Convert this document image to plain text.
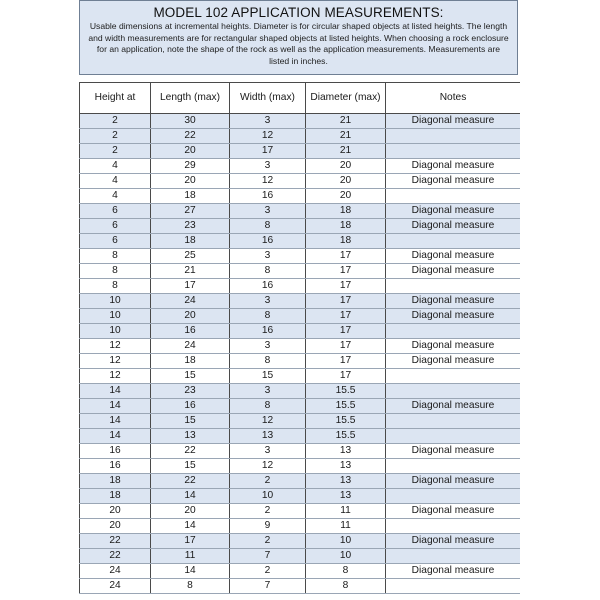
MODEL 102 APPLICATION MEASUREMENTS:
Usable dimensions at incremental heights. Diameter is for circular shaped objects at listed heights. The length and width measurements are for rectangular shaped objects at listed heights. When choosing a rock enclosure for an application, note the shape of the rock as well as the application measurements. Measurements are listed in inches.
Height at	Length (max)	Width (max)	Diameter (max)	Notes
2	30	3	21	Diagonal measure
2	22	12	21	
2	20	17	21	
4	29	3	20	Diagonal measure
4	20	12	20	Diagonal measure
4	18	16	20	
6	27	3	18	Diagonal measure
6	23	8	18	Diagonal measure
6	18	16	18	
8	25	3	17	Diagonal measure
8	21	8	17	Diagonal measure
8	17	16	17	
10	24	3	17	Diagonal measure
10	20	8	17	Diagonal measure
10	16	16	17	
12	24	3	17	Diagonal measure
12	18	8	17	Diagonal measure
12	15	15	17	
14	23	3	15.5	
14	16	8	15.5	Diagonal measure
14	15	12	15.5	
14	13	13	15.5	
16	22	3	13	Diagonal measure
16	15	12	13	
18	22	2	13	Diagonal measure
18	14	10	13	
20	20	2	11	Diagonal measure
20	14	9	11	
22	17	2	10	Diagonal measure
22	11	7	10	
24	14	2	8	Diagonal measure
24	8	7	8	
